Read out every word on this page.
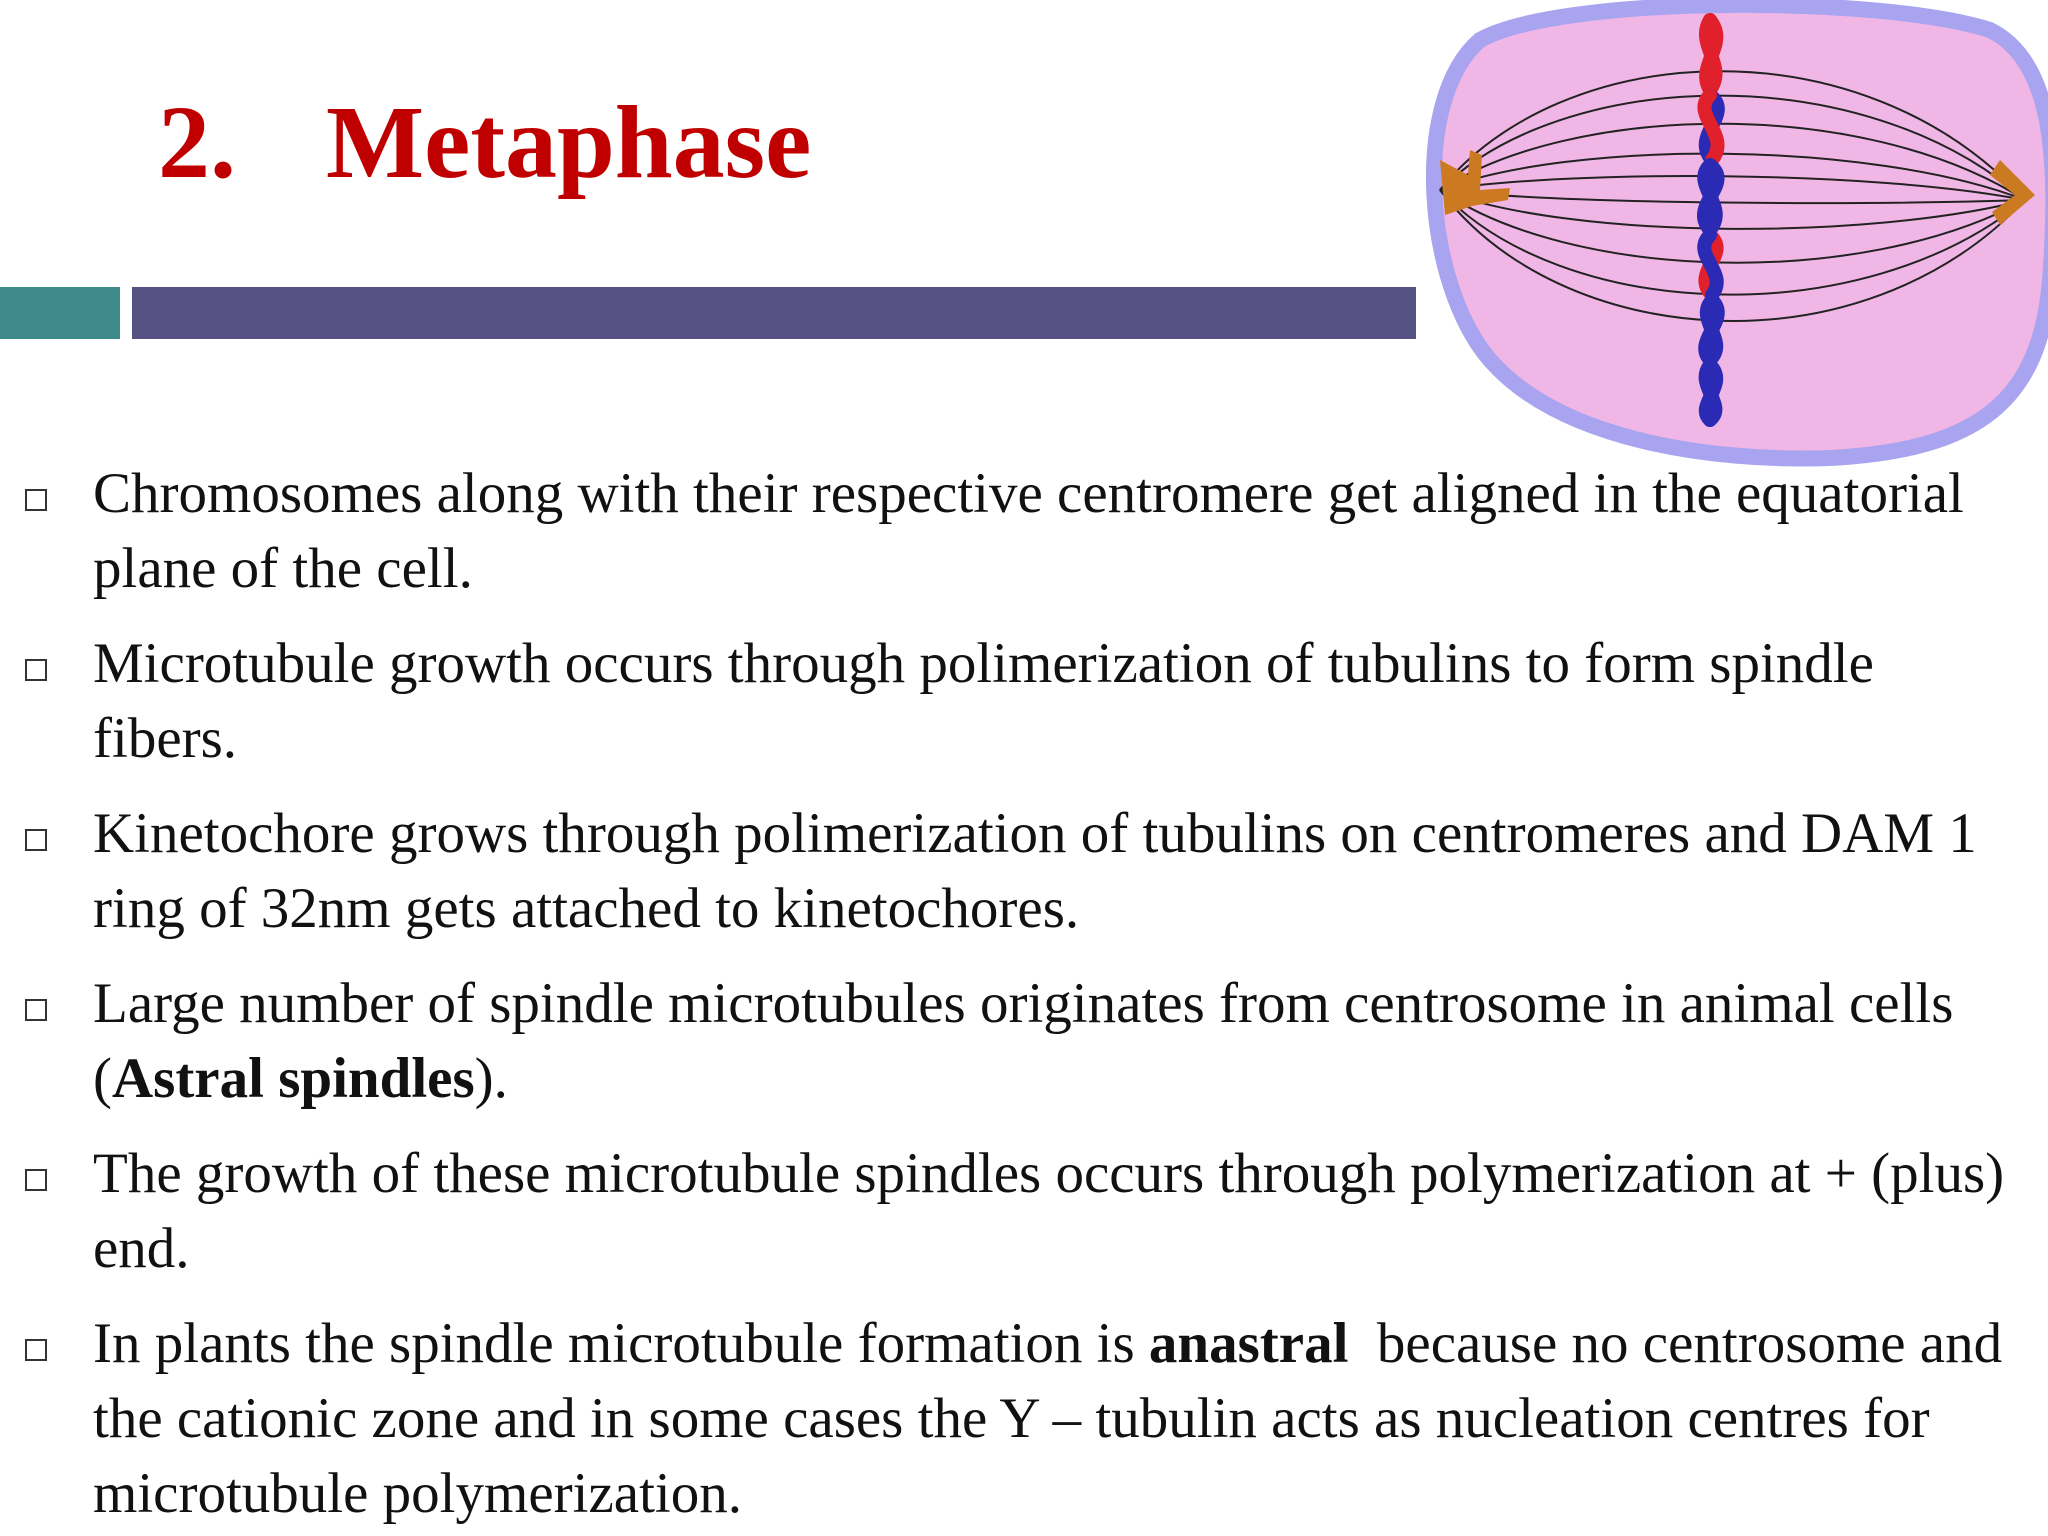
2. Metaphase
Chromosomes along with their respective centromere get aligned in the equatorial plane of the cell.
Microtubule growth occurs through polimerization of tubulins to form spindle fibers.
Kinetochore grows through polimerization of tubulins on centromeres and DAM 1 ring of 32nm gets attached to kinetochores.
Large number of spindle microtubules originates from centrosome in animal cells (Astral spindles).
The growth of these microtubule spindles occurs through polymerization at + (plus) end.
In plants the spindle microtubule formation is anastral  because no centrosome and the cationic zone and in some cases the Y – tubulin acts as nucleation centres for microtubule polymerization.
